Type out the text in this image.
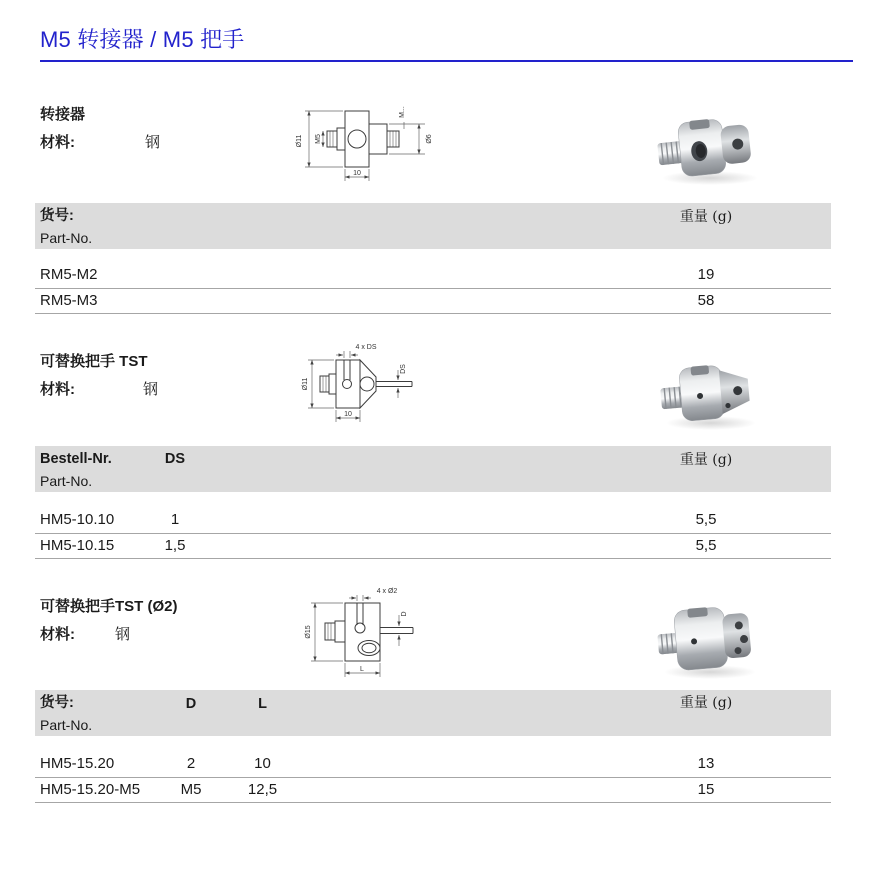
M5 转接器 / M5 把手
转接器
材料:	钢	Ø11 M5
M...
Ø6
10
货号:	重量 (g)
Part-No.
RM5-M2	19
RM5-M3	58
可替换把手 TST
材料:	钢
4 x DS
Ø11
DS
10
Bestell-Nr.	DS	重量 (g)
Part-No.
HM5-10.10	1	5,5
HM5-10.15	1,5	5,5
可替换把手TST (Ø2)
材料:	钢
4 x Ø2
Ø15
D
L
货号:	D	L	重量 (g)
Part-No.
HM5-15.20	2	10	13
HM5-15.20-M5	M5	12,5	15
